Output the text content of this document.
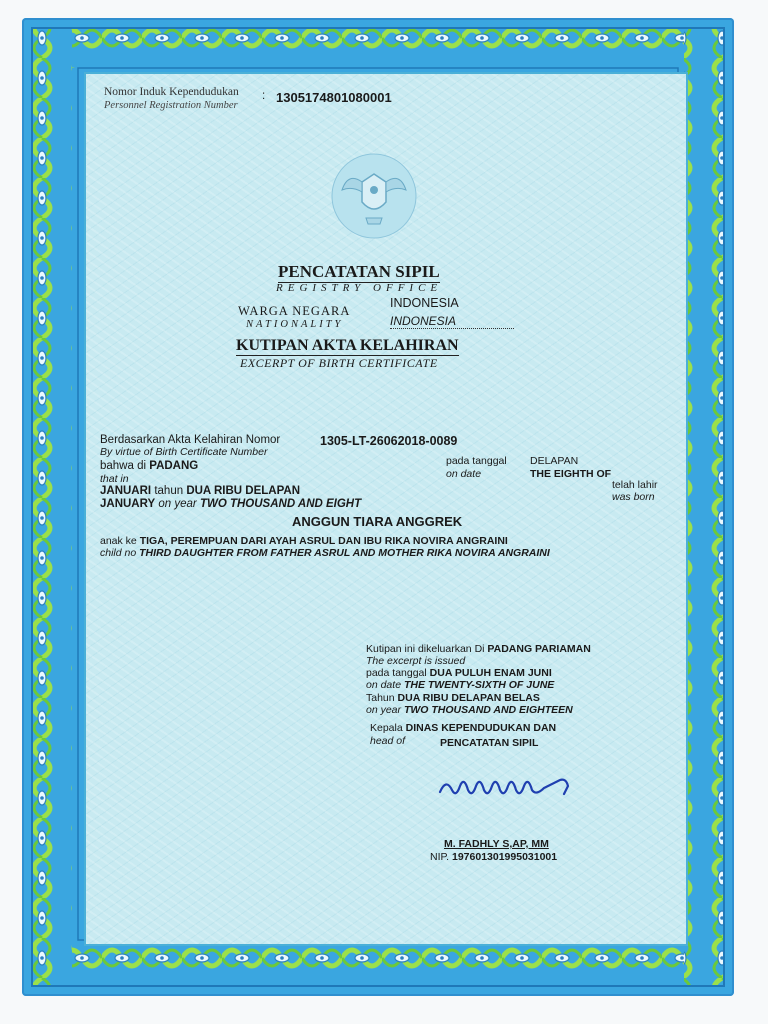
Nomor Induk Kependudukan
Personnel Registration Number
: 1305174801080001
PENCATATAN SIPIL
REGISTRY OFFICE
WARGA NEGARA
NATIONALITY
INDONESIA
INDONESIA
KUTIPAN AKTA KELAHIRAN
EXCERPT OF BIRTH CERTIFICATE
Berdasarkan Akta Kelahiran Nomor
By virtue of Birth Certificate Number
1305-LT-26062018-0089
bahwa di PADANG
that in
pada tanggal
on date
DELAPAN
THE EIGHTH OF
telah lahir
was born
JANUARI tahun DUA RIBU DELAPAN
JANUARY on year TWO THOUSAND AND EIGHT
ANGGUN TIARA ANGGREK
anak ke TIGA, PEREMPUAN DARI AYAH ASRUL DAN IBU RIKA NOVIRA ANGRAINI
child no THIRD DAUGHTER FROM FATHER ASRUL AND MOTHER RIKA NOVIRA ANGRAINI
Kutipan ini dikeluarkan Di PADANG PARIAMAN
The excerpt is issued
pada tanggal DUA PULUH ENAM JUNI
on date THE TWENTY-SIXTH OF JUNE
Tahun DUA RIBU DELAPAN BELAS
on year TWO THOUSAND AND EIGHTEEN
Kepala DINAS KEPENDUDUKAN DAN
head of	PENCATATAN SIPIL
M. FADHLY S,AP, MM
NIP. 197601301995031001
